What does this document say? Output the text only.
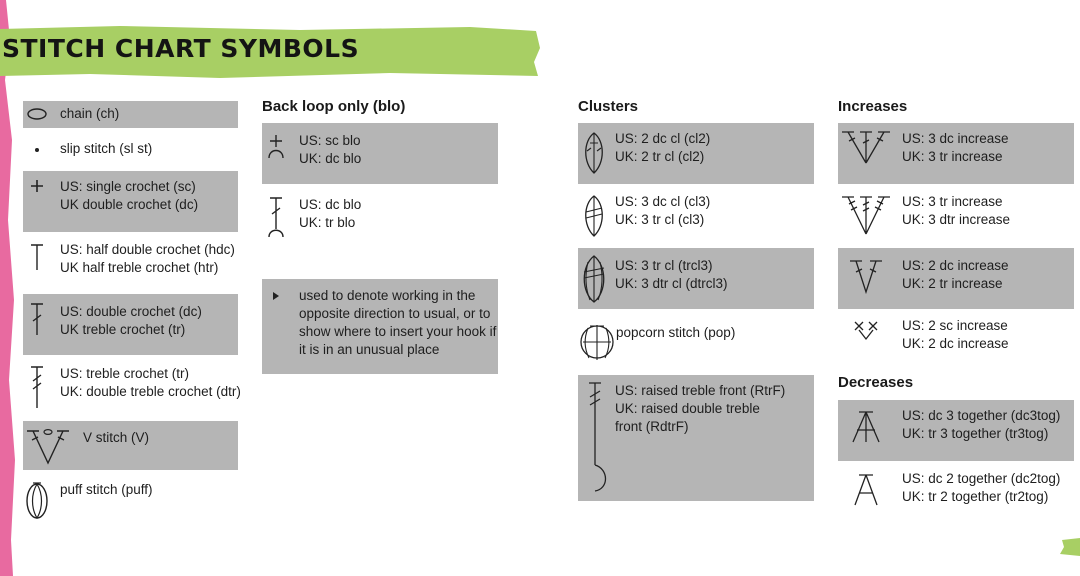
STITCH CHART SYMBOLS
chain (ch)
slip stitch (sl st)
US: single crochet (sc)
UK double crochet (dc)
US: half double crochet (hdc)
UK half treble crochet (htr)
US: double crochet (dc)
UK treble crochet (tr)
US: treble crochet (tr)
UK: double treble crochet (dtr)
V stitch (V)
puff stitch (puff)
Back loop only (blo)
US: sc blo
UK: dc blo
US: dc blo
UK: tr blo
used to denote working in the
opposite direction to usual, or to
show where to insert your hook if
it is in an unusual place
Clusters
US: 2 dc cl (cl2)
UK: 2 tr cl (cl2)
US: 3 dc cl (cl3)
UK: 3 tr cl (cl3)
US: 3 tr cl (trcl3)
UK: 3 dtr cl (dtrcl3)
popcorn stitch (pop)
US: raised treble front (RtrF)
UK: raised double treble
front (RdtrF)
Increases
US: 3 dc increase
UK: 3 tr increase
US: 3 tr increase
UK: 3 dtr increase
US: 2 dc increase
UK: 2 tr increase
US: 2 sc increase
UK: 2 dc increase
Decreases
US: dc 3 together (dc3tog)
UK: tr 3 together (tr3tog)
US: dc 2 together (dc2tog)
UK: tr 2 together (tr2tog)
